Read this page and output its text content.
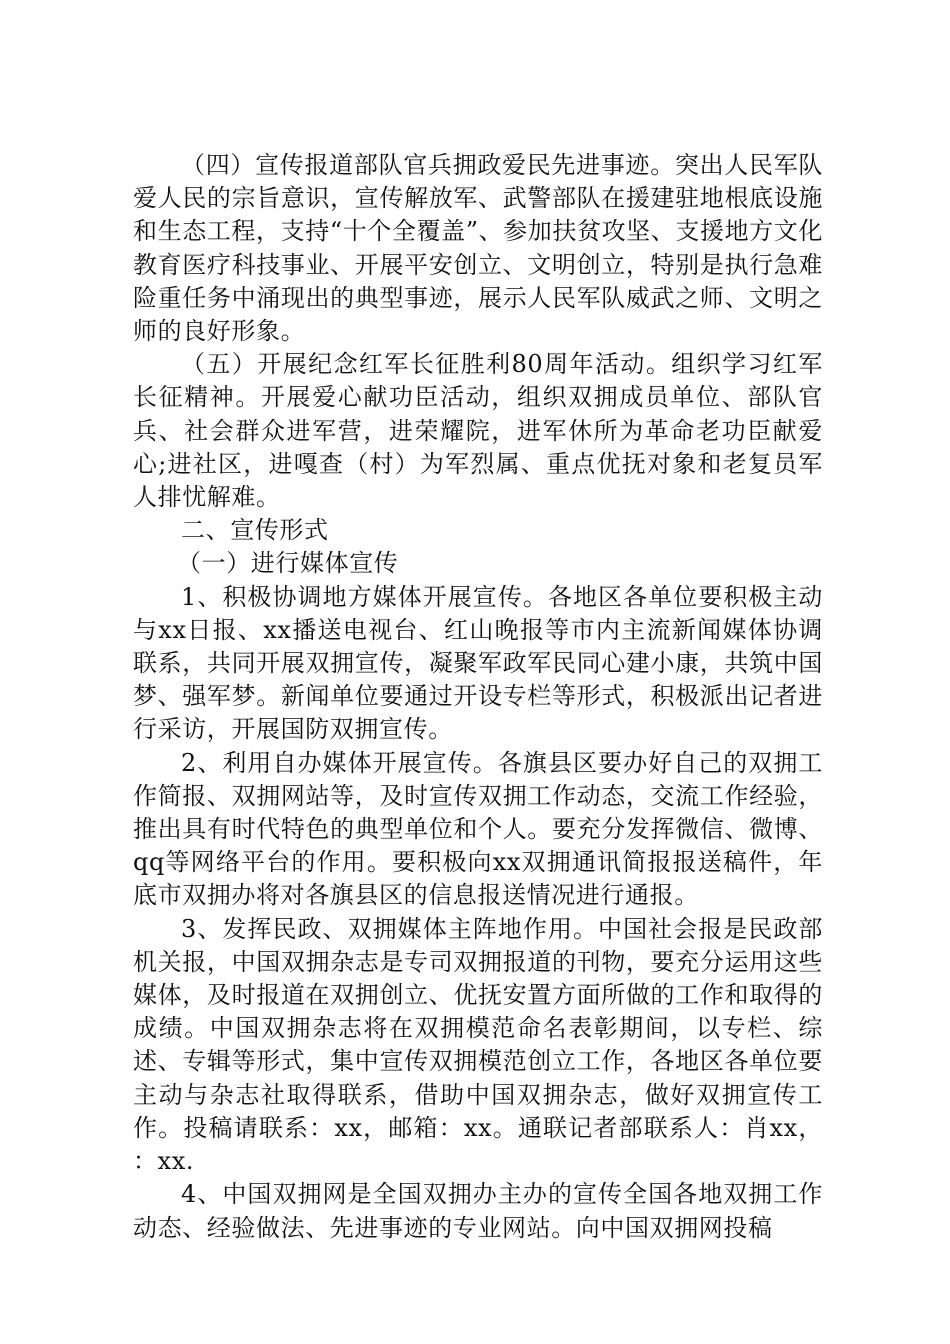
（四）宣传报道部队官兵拥政爱民先进事迹。突出人民军队爱人民的宗旨意识，宣传解放军、武警部队在援建驻地根底设施和生态工程，支持“十个全覆盖”、参加扶贫攻坚、支援地方文化教育医疗科技事业、开展平安创立、文明创立，特别是执行急难险重任务中涌现出的典型事迹，展示人民军队威武之师、文明之师的良好形象。

（五）开展纪念红军长征胜利80周年活动。组织学习红军长征精神。开展爱心献功臣活动，组织双拥成员单位、部队官兵、社会群众进军营，进荣耀院，进军休所为革命老功臣献爱心;进社区，进嘎查（村）为军烈属、重点优抚对象和老复员军人排忧解难。

二、宣传形式

（一）进行媒体宣传

1、积极协调地方媒体开展宣传。各地区各单位要积极主动与xx日报、xx播送电视台、红山晚报等市内主流新闻媒体协调联系，共同开展双拥宣传，凝聚军政军民同心建小康，共筑中国梦、强军梦。新闻单位要通过开设专栏等形式，积极派出记者进行采访，开展国防双拥宣传。

2、利用自办媒体开展宣传。各旗县区要办好自己的双拥工作简报、双拥网站等，及时宣传双拥工作动态，交流工作经验，推出具有时代特色的典型单位和个人。要充分发挥微信、微博、qq等网络平台的作用。要积极向xx双拥通讯简报报送稿件，年底市双拥办将对各旗县区的信息报送情况进行通报。

3、发挥民政、双拥媒体主阵地作用。中国社会报是民政部机关报，中国双拥杂志是专司双拥报道的刊物，要充分运用这些媒体，及时报道在双拥创立、优抚安置方面所做的工作和取得的成绩。中国双拥杂志将在双拥模范命名表彰期间，以专栏、综述、专辑等形式，集中宣传双拥模范创立工作，各地区各单位要主动与杂志社取得联系，借助中国双拥杂志，做好双拥宣传工作。投稿请联系：xx，邮箱：xx。通联记者部联系人：肖xx， ：xx.

4、中国双拥网是全国双拥办主办的宣传全国各地双拥工作动态、经验做法、先进事迹的专业网站。向中国双拥网投稿
